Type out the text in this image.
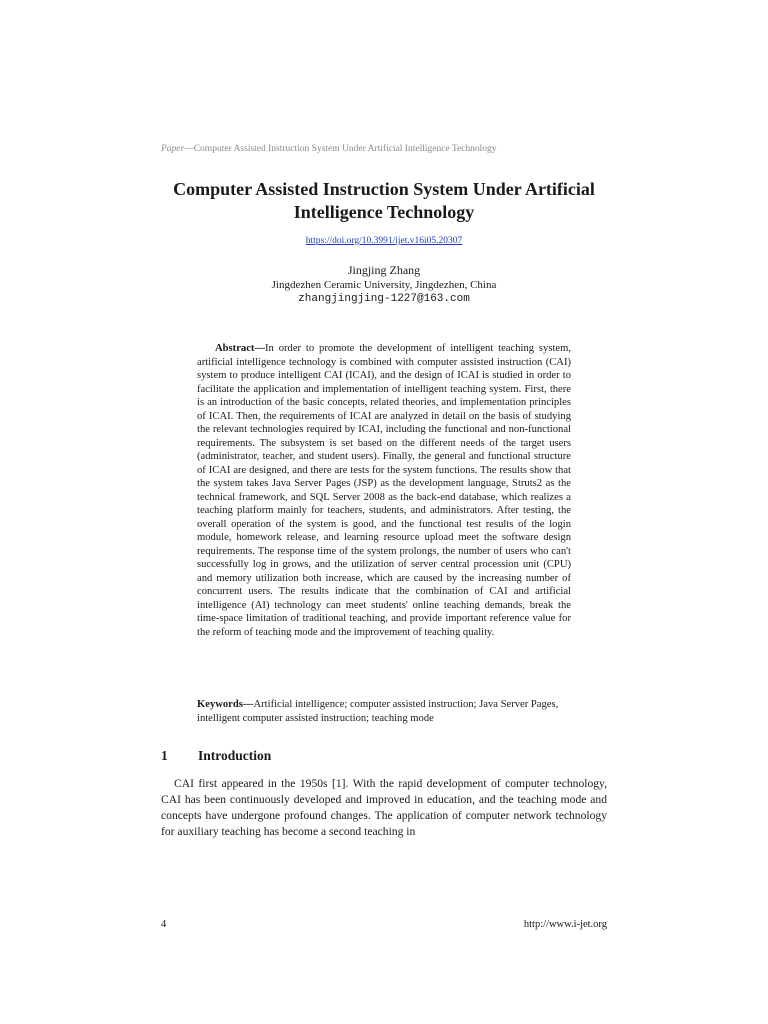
Paper—Computer Assisted Instruction System Under Artificial Intelligence Technology
Computer Assisted Instruction System Under Artificial Intelligence Technology
https://doi.org/10.3991/ijet.v16i05.20307
Jingjing Zhang
Jingdezhen Ceramic University, Jingdezhen, China
zhangjingjing-1227@163.com

Abstract—In order to promote the development of intelligent teaching system, artificial intelligence technology is combined with computer assisted instruction (CAI) system to produce intelligent CAI (ICAI), and the design of ICAI is studied in order to facilitate the application and implementation of intelligent teaching system. First, there is an introduction of the basic concepts, related theories, and implementation principles of ICAI. Then, the requirements of ICAI are analyzed in detail on the basis of studying the relevant technologies required by ICAI, including the functional and non-functional requirements. The subsystem is set based on the different needs of the target users (administrator, teacher, and student users). Finally, the general and functional structure of ICAI are designed, and there are tests for the system functions. The results show that the system takes Java Server Pages (JSP) as the development language, Struts2 as the technical framework, and SQL Server 2008 as the back-end database, which realizes a teaching platform mainly for teachers, students, and administrators. After testing, the overall operation of the system is good, and the functional test results of the login module, homework release, and learning resource upload meet the software design requirements. The response time of the system prolongs, the number of users who can't successfully log in grows, and the utilization of server central procession unit (CPU) and memory utilization both increase, which are caused by the increasing number of concurrent users. The results indicate that the combination of CAI and artificial intelligence (AI) technology can meet students' online teaching demands, break the time-space limitation of traditional teaching, and provide important reference value for the reform of teaching mode and the improvement of teaching quality.

Keywords—Artificial intelligence; computer assisted instruction; Java Server Pages, intelligent computer assisted instruction; teaching mode

1	Introduction

CAI first appeared in the 1950s [1]. With the rapid development of computer technology, CAI has been continuously developed and improved in education, and the teaching mode and concepts have undergone profound changes. The application of computer network technology for auxiliary teaching has become a second teaching in

4	http://www.i-jet.org
